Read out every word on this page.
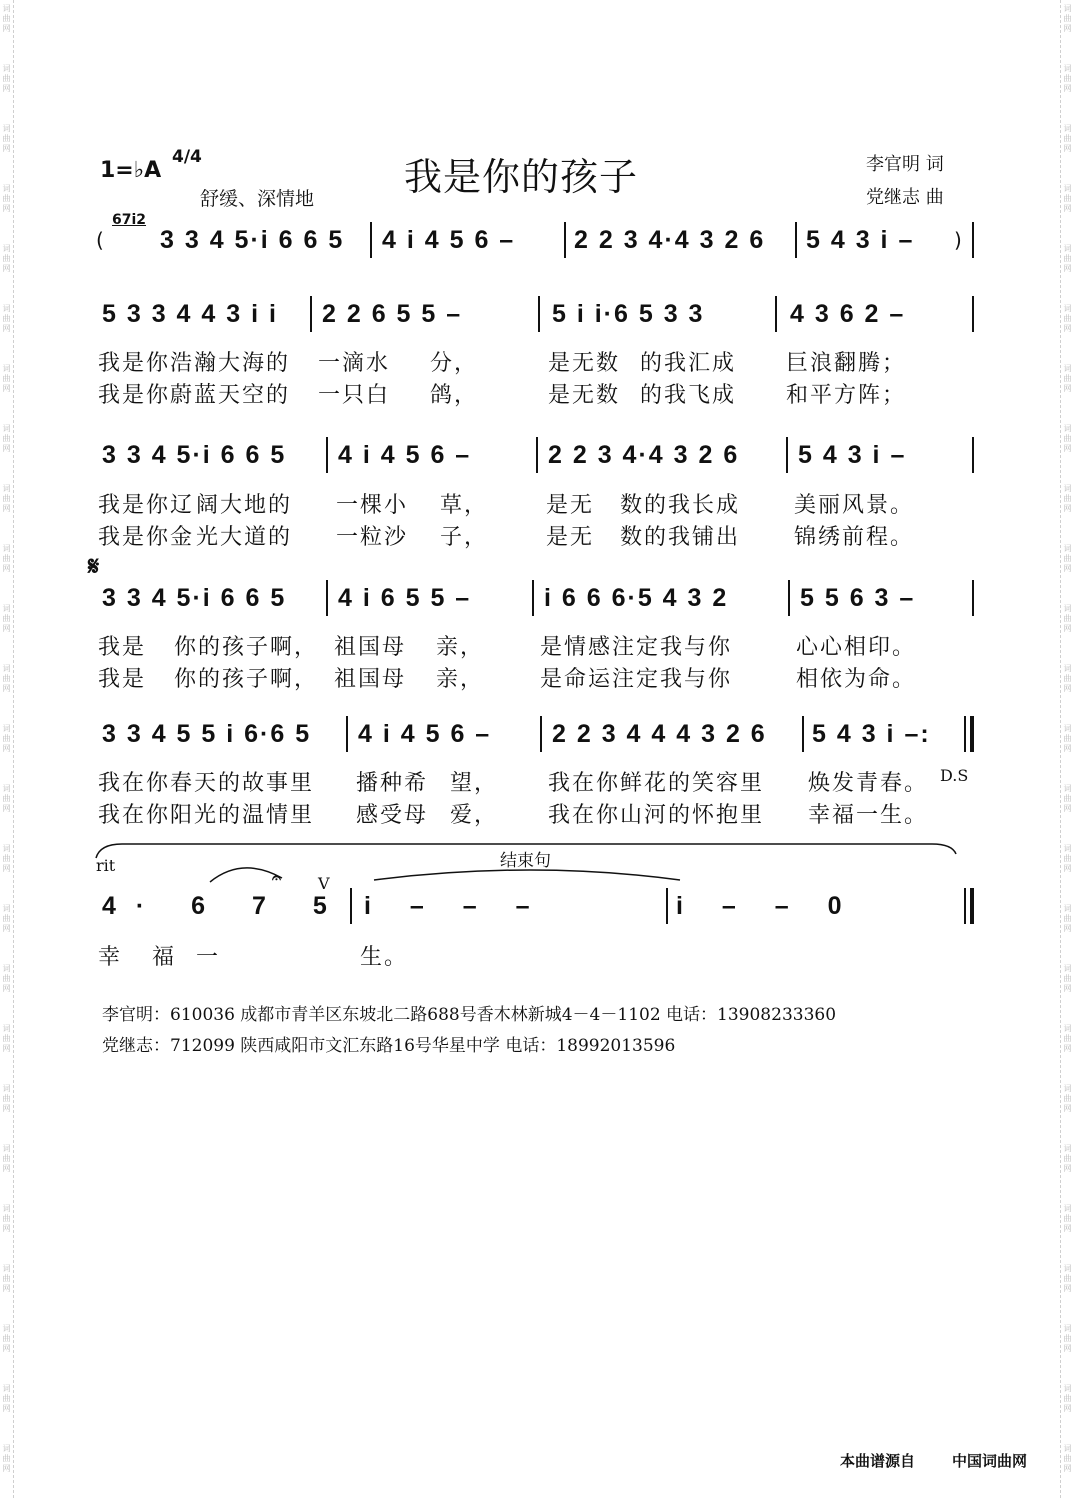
词
曲
网
词
曲
网
词
曲
网
词
曲
网
词
曲
网
词
曲
网
词
曲
网
词
曲
网
词
曲
网
词
曲
网
词
曲
网
词
曲
网
词
曲
网
词
曲
网
词
曲
网
词
曲
网
词
曲
网
词
曲
网
词
曲
网
词
曲
网
词
曲
网
词
曲
网
词
曲
网
词
曲
网
词
曲
网
词
曲
网
词
曲
网
词
曲
网
词
曲
网
词
曲
网
词
曲
网
词
曲
网
词
曲
网
词
曲
网
词
曲
网
词
曲
网
词
曲
网
词
曲
网
词
曲
网
词
曲
网
词
曲
网
词
曲
网
词
曲
网
词
曲
网
词
曲
网
词
曲
网
词
曲
网
词
曲
网
词
曲
网
词
曲
网
1=♭A
4/4
舒缓、深情地 我是你的孩子	李官明 词
党继志 曲
(
67i2
3 3 4 5·i 6 6 5 4 i 4 5 6 – 2 2 3 4·4 3 2 6 5 4 3 i – )
5 3 3 4 4 3 i i 2 2 6 5 5 –	5 i i·6 5 3 3	4 3 6 2 –
我是你浩瀚大海的 一滴水 分，	是无数 的我汇成 巨浪翻腾；
我是你蔚蓝天空的 一只白 鸽，	是无数 的我飞成 和平方阵；
3 3 4 5·i 6 6 5 4 i 4 5 6 –	2 2 3 4·4 3 2 6 5 4 3 i –
我是你辽 阔大地的 一棵小 草，	是无 数的我长成 美丽风景。
我是你金 光大道的 一粒沙 子，	是无 数的我铺出 锦绣前程。
𝄋
3 3 4 5·i 6 6 5 4 i 6 5 5 –	i 6 6 6·5 4 3 2	5 5 6 3 –
我是 你的孩子啊， 祖国母 亲，	是情感注定我与你	心心相印。
我是 你的孩子啊， 祖国母 亲，	是命运注定我与你	相依为命。
3 3 4 5 5 i 6·6 5 4 i 4 5 6 – 2 2 3 4 4 4 3 2 6 5 4 3 i –:
我在你春天的故事里 播种希 望， 我在你鲜花的笑容里 焕发青春。 D.S
我在你阳光的温情里 感受母 爱， 我在你山河的怀抱里 幸福一生。
rit	结束句
V
𝄐
4· 6 7 5 i – – –	i – – 0
幸 福 一	生。
李官明：610036 成都市青羊区东坡北二路688号香木林新城4－4－1102 电话：13908233360
党继志：712099 陕西咸阳市文汇东路16号华星中学 电话：18992013596
本曲谱源自 中国词曲网
